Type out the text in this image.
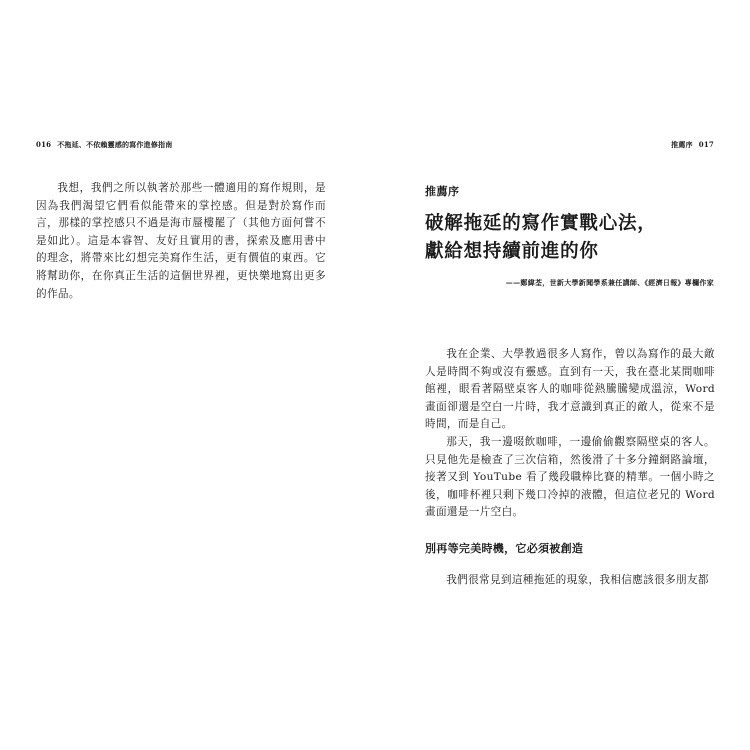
016 不拖延、不依賴靈感的寫作進修指南

我想，我們之所以執著於那些一體適用的寫作規則，是因為我們渴望它們看似能帶來的掌控感。但是對於寫作而言，那樣的掌控感只不過是海市蜃樓罷了（其他方面何嘗不是如此）。這是本睿智、友好且實用的書，探索及應用書中的理念，將帶來比幻想完美寫作生活，更有價值的東西。它將幫助你，在你真正生活的這個世界裡，更快樂地寫出更多的作品。

推薦序 017
推薦序
破解拖延的寫作實戰心法，
獻給想持續前進的你
——鄭緯荃，世新大學新聞學系兼任講師、《經濟日報》專欄作家

我在企業、大學教過很多人寫作，曾以為寫作的最大敵人是時間不夠或沒有靈感。直到有一天，我在臺北某間咖啡館裡，眼看著隔壁桌客人的咖啡從熱騰騰變成溫涼，Word 畫面卻還是空白一片時，我才意識到真正的敵人，從來不是時間，而是自己。

那天，我一邊啜飲咖啡，一邊偷偷觀察隔壁桌的客人。只見他先是檢查了三次信箱，然後滑了十多分鐘網路論壇，接著又到 YouTube 看了幾段職棒比賽的精華。一個小時之後，咖啡杯裡只剩下幾口冷掉的液體，但這位老兄的 Word 畫面還是一片空白。

別再等完美時機，它必須被創造

我們很常見到這種拖延的現象，我相信應該很多朋友都
